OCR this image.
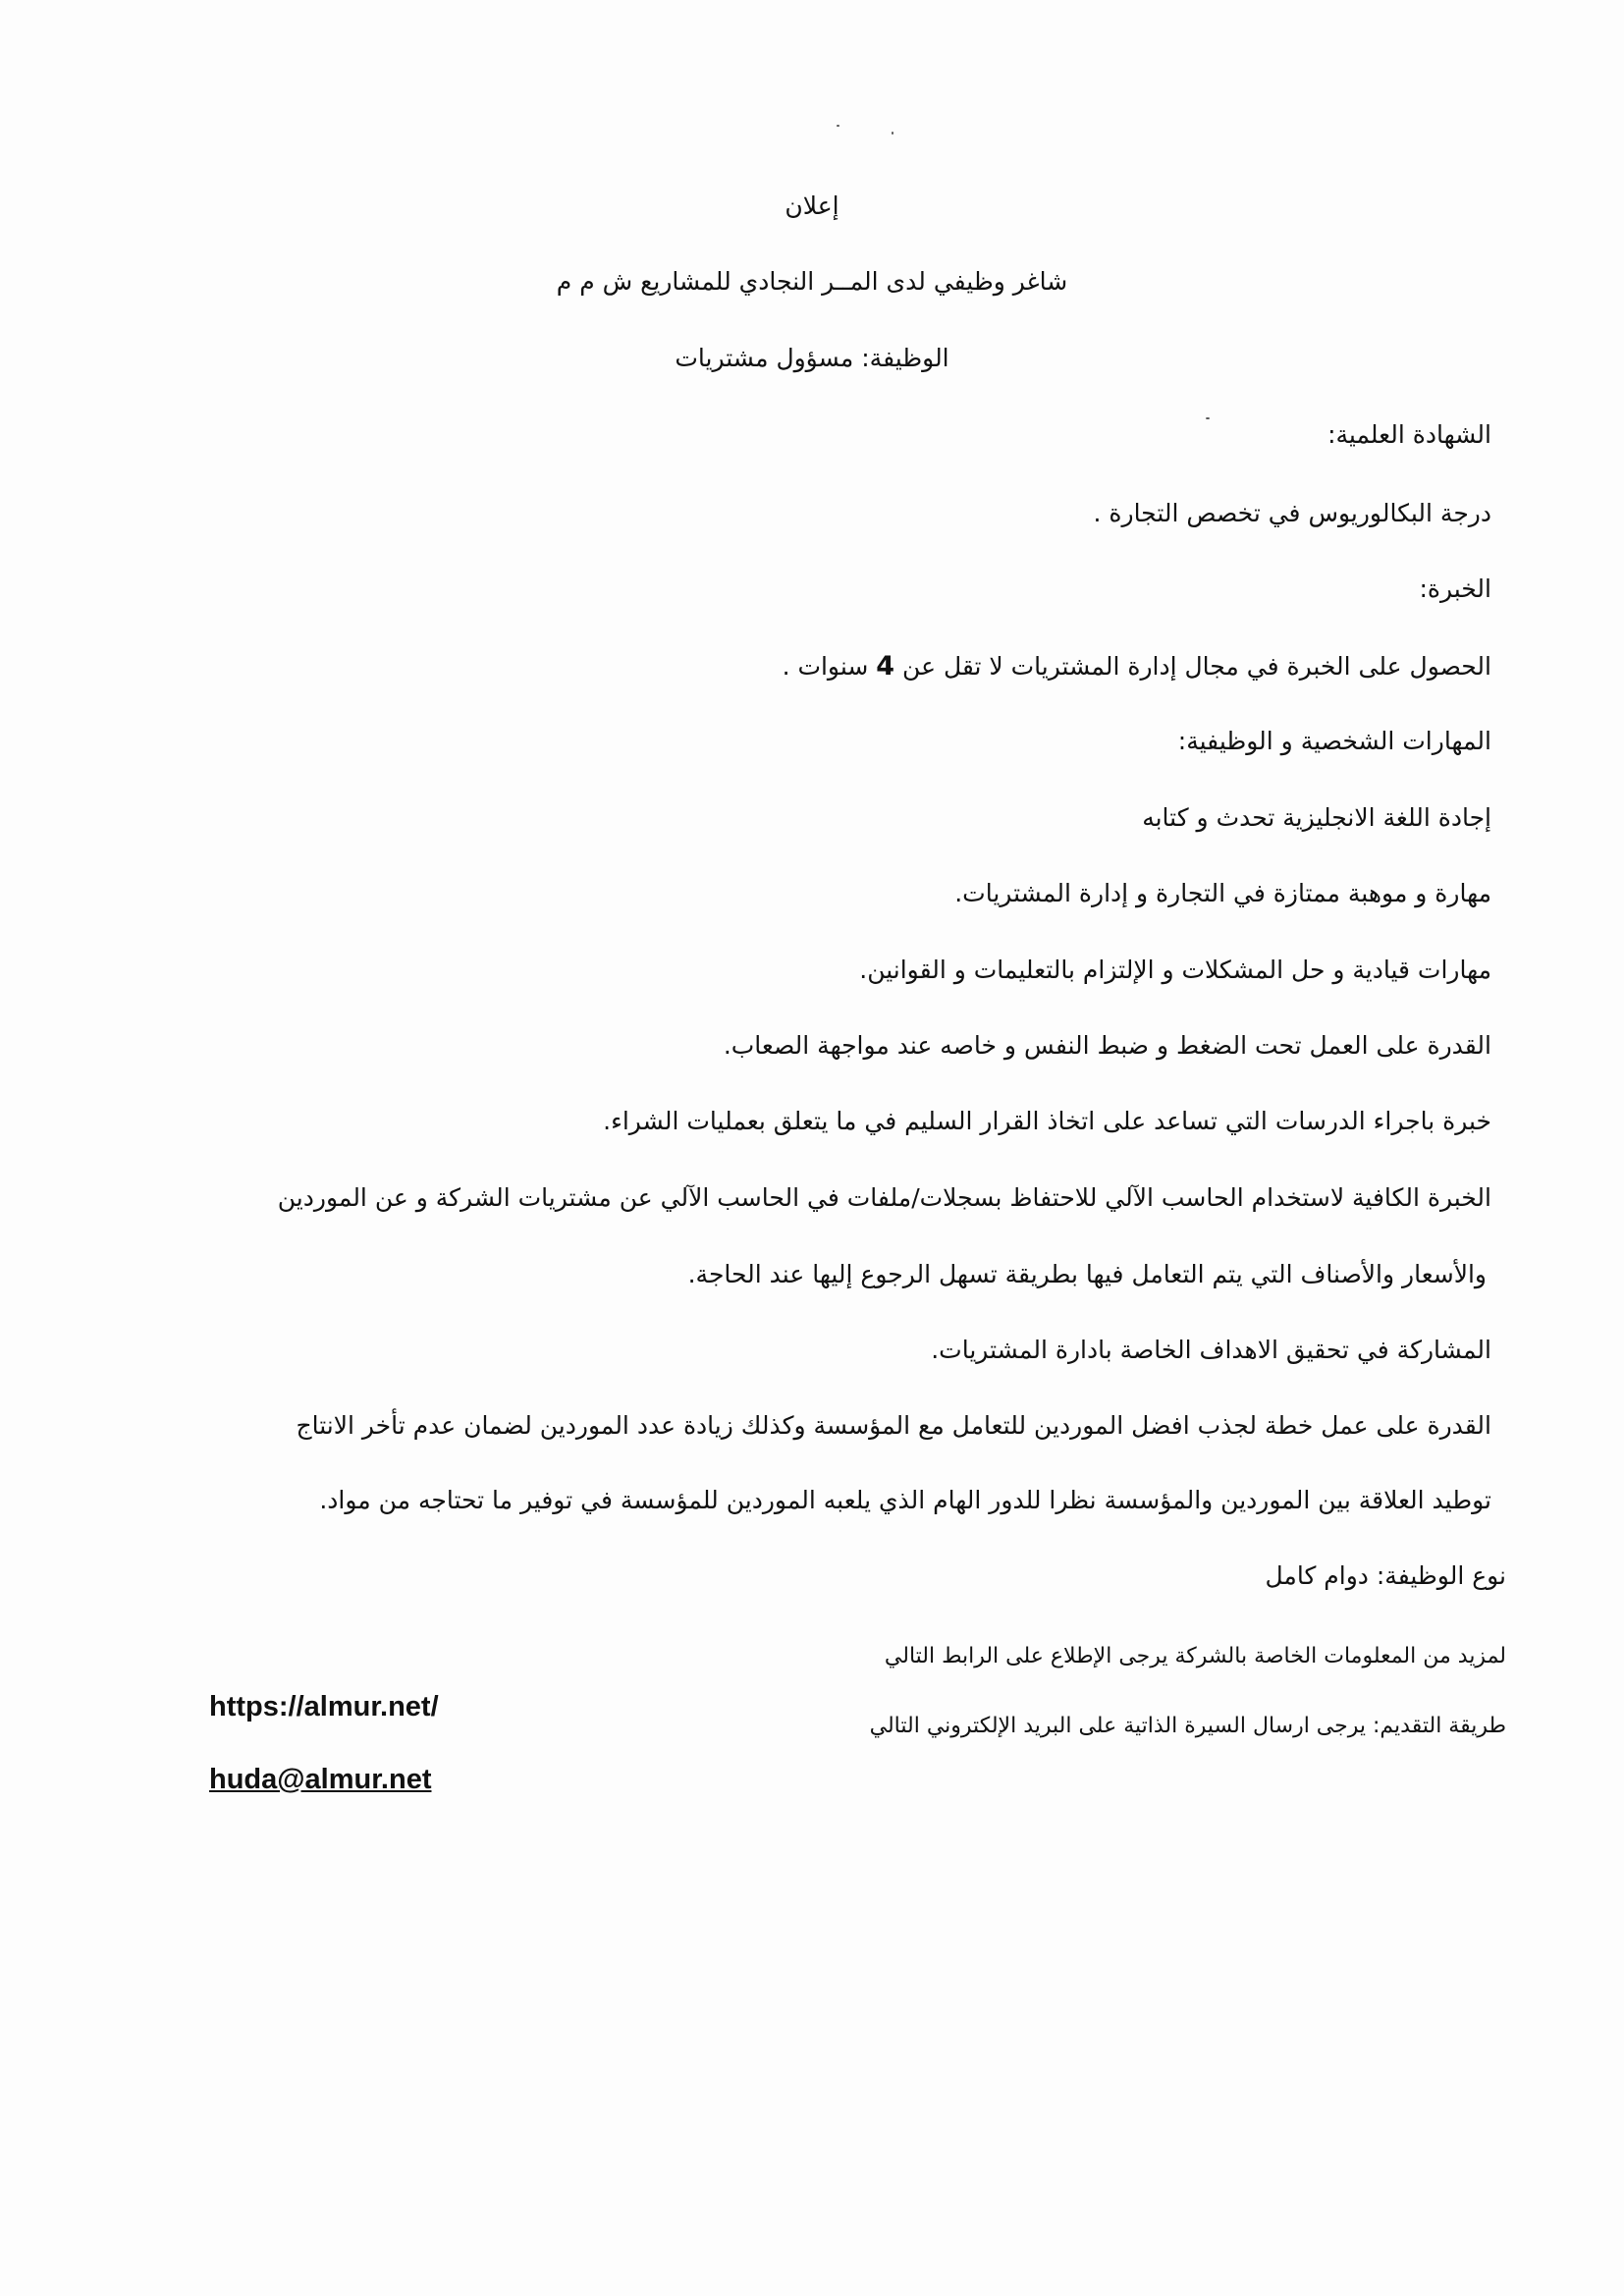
إعلان
شاغر وظيفي لدى المــر النجادي للمشاريع ش م م
الوظيفة: مسؤول مشتريات
الشهادة العلمية:
درجة البكالوريوس في تخصص التجارة .
الخبرة:
الحصول على الخبرة في مجال إدارة المشتريات لا تقل عن 4 سنوات .
المهارات الشخصية و الوظيفية:
إجادة اللغة الانجليزية تحدث و كتابه
مهارة و موهبة ممتازة في التجارة و إدارة المشتريات.
مهارات قيادية و حل المشكلات و الإلتزام بالتعليمات و القوانين.
القدرة على العمل تحت الضغط و ضبط النفس و خاصه عند مواجهة الصعاب.
خبرة باجراء الدرسات التي تساعد على اتخاذ القرار السليم في ما يتعلق بعمليات الشراء.
الخبرة الكافية لاستخدام الحاسب الآلي للاحتفاظ بسجلات/ملفات في الحاسب الآلي عن مشتريات الشركة و عن الموردين
والأسعار والأصناف التي يتم التعامل فيها بطريقة تسهل الرجوع إليها عند الحاجة.
المشاركة في تحقيق الاهداف الخاصة بادارة المشتريات.
القدرة على عمل خطة لجذب افضل الموردين للتعامل مع المؤسسة وكذلك زيادة عدد الموردين لضمان عدم تأخر الانتاج
توطيد العلاقة بين الموردين والمؤسسة نظرا للدور الهام الذي يلعبه الموردين للمؤسسة في توفير ما تحتاجه من مواد.
نوع الوظيفة: دوام كامل
لمزيد من المعلومات الخاصة بالشركة يرجى الإطلاع على الرابط التالي
https://almur.net/
طريقة التقديم: يرجى ارسال السيرة الذاتية على البريد الإلكتروني التالي
huda@almur.net
